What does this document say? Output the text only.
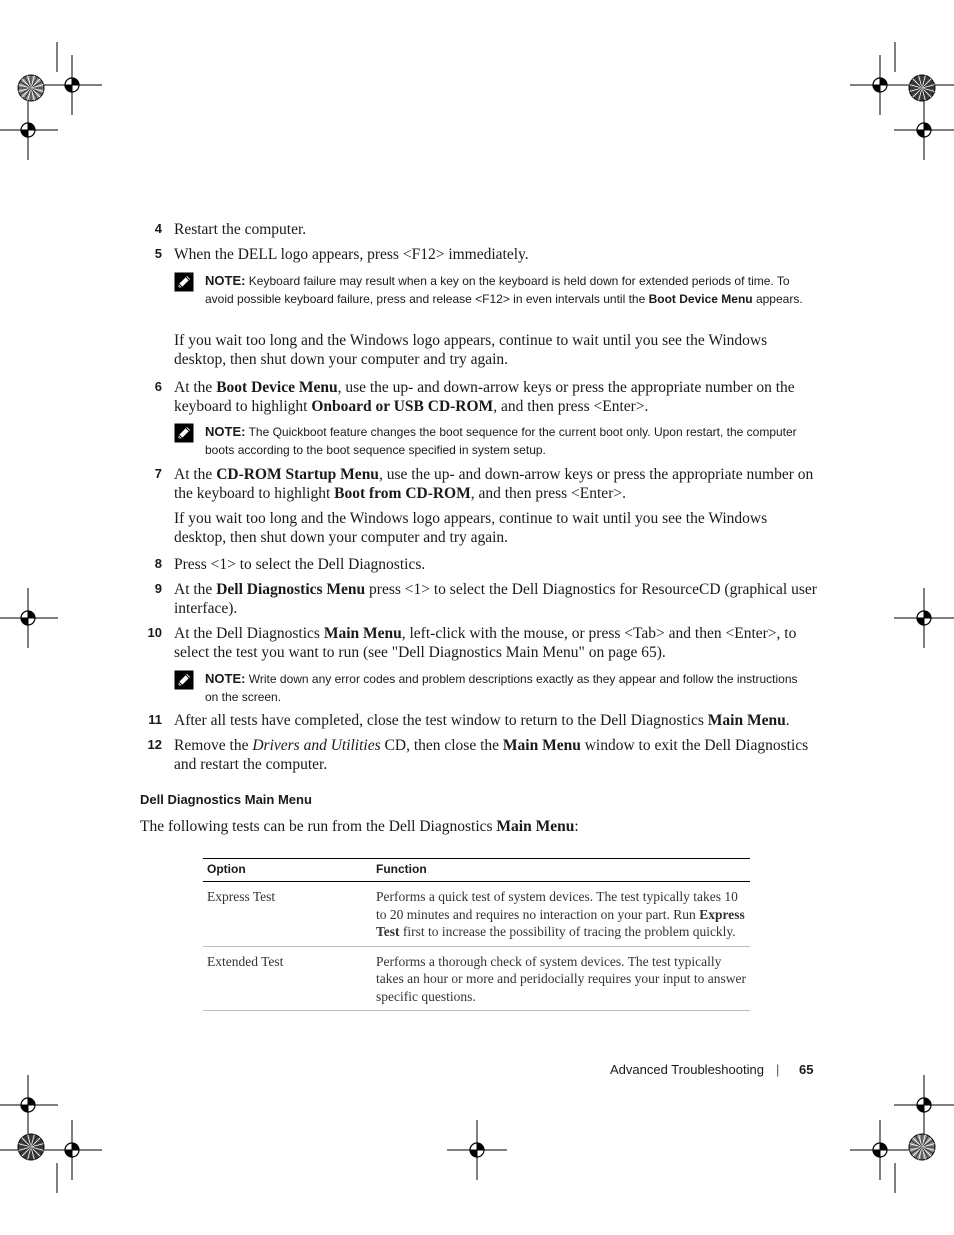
4 Restart the computer.
5 When the DELL logo appears, press <F12> immediately.
NOTE: Keyboard failure may result when a key on the keyboard is held down for extended periods of time. To avoid possible keyboard failure, press and release <F12> in even intervals until the Boot Device Menu appears.
If you wait too long and the Windows logo appears, continue to wait until you see the Windows desktop, then shut down your computer and try again.
6 At the Boot Device Menu, use the up- and down-arrow keys or press the appropriate number on the keyboard to highlight Onboard or USB CD-ROM, and then press <Enter>.
NOTE: The Quickboot feature changes the boot sequence for the current boot only. Upon restart, the computer boots according to the boot sequence specified in system setup.
7 At the CD-ROM Startup Menu, use the up- and down-arrow keys or press the appropriate number on the keyboard to highlight Boot from CD-ROM, and then press <Enter>.
If you wait too long and the Windows logo appears, continue to wait until you see the Windows desktop, then shut down your computer and try again.
8 Press <1> to select the Dell Diagnostics.
9 At the Dell Diagnostics Menu press <1> to select the Dell Diagnostics for ResourceCD (graphical user interface).
10 At the Dell Diagnostics Main Menu, left-click with the mouse, or press <Tab> and then <Enter>, to select the test you want to run (see "Dell Diagnostics Main Menu" on page 65).
NOTE: Write down any error codes and problem descriptions exactly as they appear and follow the instructions on the screen.
11 After all tests have completed, close the test window to return to the Dell Diagnostics Main Menu.
12 Remove the Drivers and Utilities CD, then close the Main Menu window to exit the Dell Diagnostics and restart the computer.
Dell Diagnostics Main Menu
The following tests can be run from the Dell Diagnostics Main Menu:
Option	Function
Express Test	Performs a quick test of system devices. The test typically takes 10 to 20 minutes and requires no interaction on your part. Run Express Test first to increase the possibility of tracing the problem quickly.
Extended Test	Performs a thorough check of system devices. The test typically takes an hour or more and peridocially requires your input to answer specific questions.
Advanced Troubleshooting | 65
